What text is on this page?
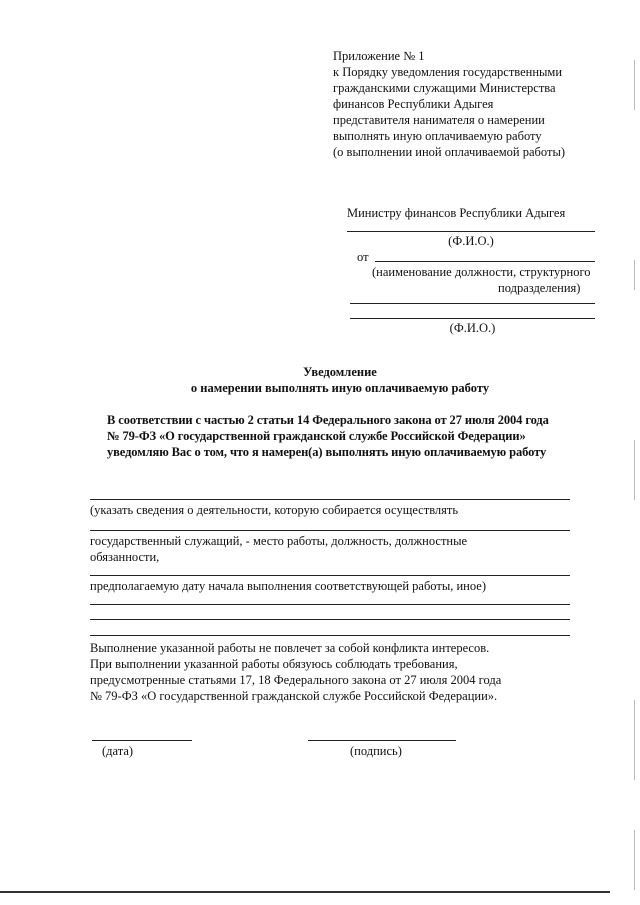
Приложение № 1
к Порядку уведомления государственными
гражданскими служащими Министерства
финансов Республики Адыгея
представителя нанимателя о намерении
выполнять иную оплачиваемую работу
(о выполнении иной оплачиваемой работы)
Министру финансов Республики Адыгея
(Ф.И.О.)
от
(наименование должности, структурного
подразделения)
(Ф.И.О.)
Уведомление
о намерении выполнять иную оплачиваемую работу
В соответствии с частью 2 статьи 14 Федерального закона от 27 июля 2004 года
№ 79-ФЗ «О государственной гражданской службе Российской Федерации»
уведомляю Вас о том, что я намерен(а) выполнять иную оплачиваемую работу
(указать сведения о деятельности, которую собирается осуществлять
государственный служащий, - место работы, должность, должностные
обязанности,
предполагаемую дату начала выполнения соответствующей работы, иное)
Выполнение указанной работы не повлечет за собой конфликта интересов.
При выполнении указанной работы обязуюсь соблюдать требования,
предусмотренные статьями 17, 18 Федерального закона от 27 июля 2004 года
№ 79-ФЗ «О государственной гражданской службе Российской Федерации».
(дата)	(подпись)
